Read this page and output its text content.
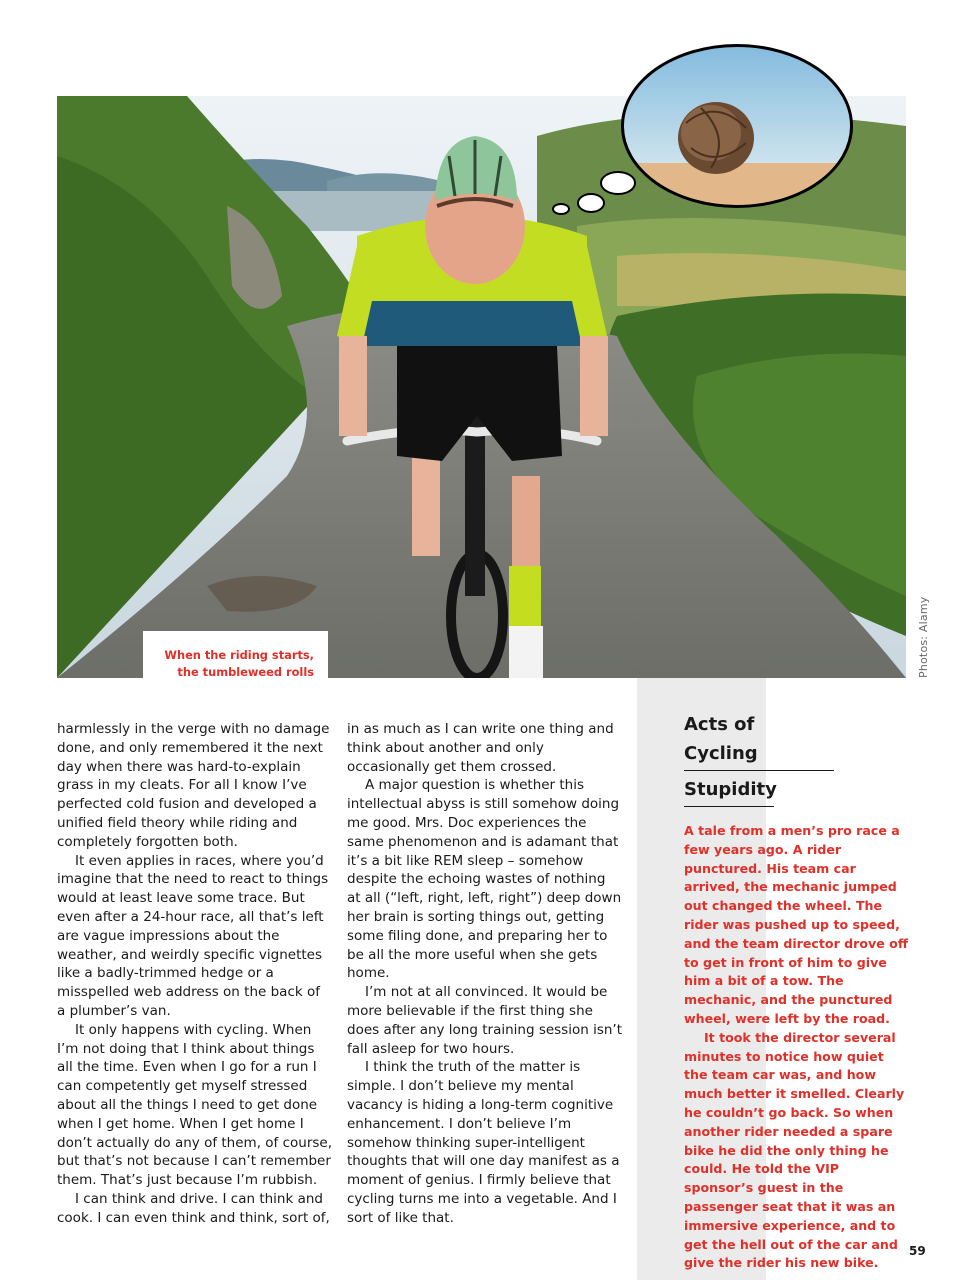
When the riding starts,
the tumbleweed rolls	Photos: Alamy

harmlessly in the verge with no damage done, and only remembered it the next day when there was hard-to-explain grass in my cleats. For all I know I’ve perfected cold fusion and developed a unified field theory while riding and completely forgotten both.

It even applies in races, where you’d imagine that the need to react to things would at least leave some trace. But even after a 24-hour race, all that’s left are vague impressions about the weather, and weirdly specific vignettes like a badly-trimmed hedge or a misspelled web address on the back of a plumber’s van.

It only happens with cycling. When I’m not doing that I think about things all the time. Even when I go for a run I can competently get myself stressed about all the things I need to get done when I get home. When I get home I don’t actually do any of them, of course, but that’s not because I can’t remember them. That’s just because I’m rubbish.

I can think and drive. I can think and cook. I can even think and think, sort of,

in as much as I can write one thing and think about another and only occasionally get them crossed.

A major question is whether this intellectual abyss is still somehow doing me good. Mrs. Doc experiences the same phenomenon and is adamant that it’s a bit like REM sleep – somehow despite the echoing wastes of nothing at all (“left, right, left, right”) deep down her brain is sorting things out, getting some filing done, and preparing her to be all the more useful when she gets home.

I’m not at all convinced. It would be more believable if the first thing she does after any long training session isn’t fall asleep for two hours.

I think the truth of the matter is simple. I don’t believe my mental vacancy is hiding a long-term cognitive enhancement. I don’t believe I’m somehow thinking super-intelligent thoughts that will one day manifest as a moment of genius. I firmly believe that cycling turns me into a vegetable. And I sort of like that.

Acts of Cycling
Stupidity

A tale from a men’s pro race a few years ago. A rider punctured. His team car arrived, the mechanic jumped out changed the wheel. The rider was pushed up to speed, and the team director drove off to get in front of him to give him a bit of a tow. The mechanic, and the punctured wheel, were left by the road.

It took the director several minutes to notice how quiet the team car was, and how much better it smelled. Clearly he couldn’t go back. So when another rider needed a spare bike he did the only thing he could. He told the VIP sponsor’s guest in the passenger seat that it was an immersive experience, and to get the hell out of the car and give the rider his new bike.

59
